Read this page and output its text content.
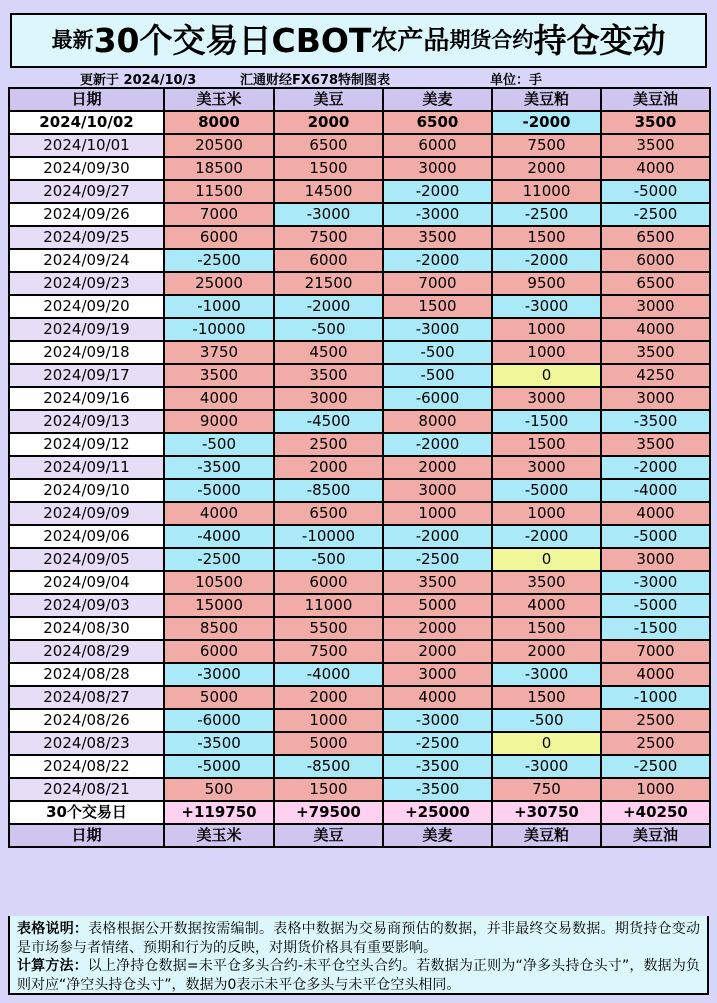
最新 30个交易日CBOT 农产品 期货合约 持仓变动
更新于 2024/10/3	汇通财经FX678特制图表	单位：手
日期	美玉米	美豆	美麦	美豆粕	美豆油
2024/10/02	8000	2000	6500	-2000	3500
2024/10/01	20500	6500	6000	7500	3500
2024/09/30	18500	1500	3000	2000	4000
2024/09/27	11500	14500	-2000	11000	-5000
2024/09/26	7000	-3000	-3000	-2500	-2500
2024/09/25	6000	7500	3500	1500	6500
2024/09/24	-2500	6000	-2000	-2000	6000
2024/09/23	25000	21500	7000	9500	6500
2024/09/20	-1000	-2000	1500	-3000	3000
2024/09/19	-10000	-500	-3000	1000	4000
2024/09/18	3750	4500	-500	1000	3500
2024/09/17	3500	3500	-500	0	4250
2024/09/16	4000	3000	-6000	3000	3000
2024/09/13	9000	-4500	8000	-1500	-3500
2024/09/12	-500	2500	-2000	1500	3500
2024/09/11	-3500	2000	2000	3000	-2000
2024/09/10	-5000	-8500	3000	-5000	-4000
2024/09/09	4000	6500	1000	1000	4000
2024/09/06	-4000	-10000	-2000	-2000	-5000
2024/09/05	-2500	-500	-2500	0	3000
2024/09/04	10500	6000	3500	3500	-3000
2024/09/03	15000	11000	5000	4000	-5000
2024/08/30	8500	5500	2000	1500	-1500
2024/08/29	6000	7500	2000	2000	7000
2024/08/28	-3000	-4000	3000	-3000	4000
2024/08/27	5000	2000	4000	1500	-1000
2024/08/26	-6000	1000	-3000	-500	2500
2024/08/23	-3500	5000	-2500	0	2500
2024/08/22	-5000	-8500	-3500	-3000	-2500
2024/08/21	500	1500	-3500	750	1000
30个交易日	+119750	+79500	+25000	+30750	+40250
日期	美玉米	美豆	美麦	美豆粕	美豆油

表格说明：表格根据公开数据按需编制。表格中数据为交易商预估的数据，并非最终交易数据。期货持仓变动是市场参与者情绪、预期和行为的反映，对期货价格具有重要影响。

计算方法：以上净持仓数据=未平仓多头合约-未平仓空头合约。若数据为正则为“净多头持仓头寸”，数据为负则对应“净空头持仓头寸”，数据为0表示未平仓多头与未平仓空头相同。
